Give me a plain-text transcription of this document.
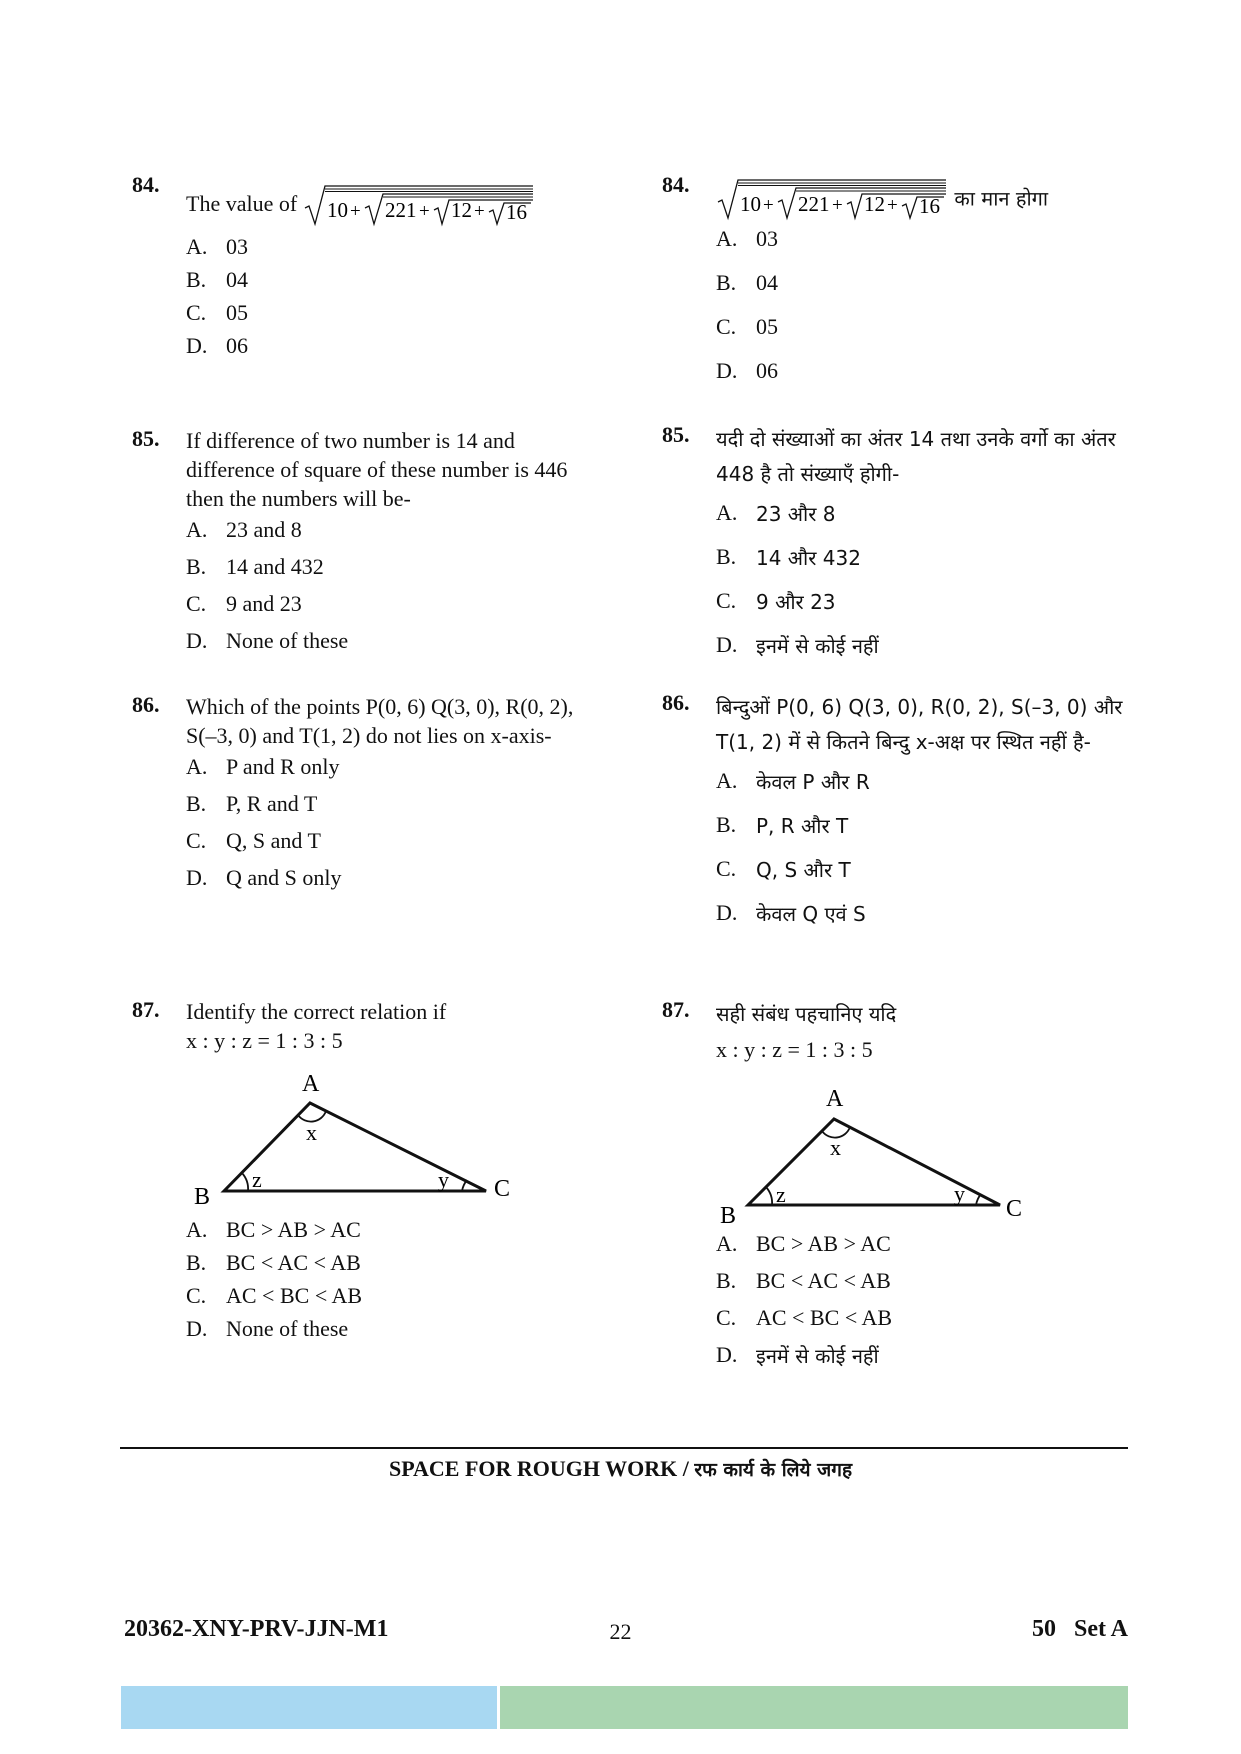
84.

The value of 10 + 221 + 12 + 16

A. 03
B. 04
C. 05
D. 06
85. If difference of two number is 14 and difference of square of these number is 446 then the numbers will be-

A. 23 and 8
B. 14 and 432
C. 9 and 23
D. None of these
86. Which of the points P(0, 6) Q(3, 0), R(0, 2), S(–3, 0) and T(1, 2) do not lies on x-axis-

A. P and R only
B. P, R and T
C. Q, S and T
D. Q and S only
87. Identify the correct relation if

x : y : z = 1 : 3 : 5

A
B	C
x
z	y
A. BC > AB > AC
B. BC < AC < AB
C. AC < BC < AB
D. None of these
84.

10 + 221 + 12 + 16 का मान होगा

A. 03
B. 04
C. 05
D. 06
85. यदी दो संख्याओं का अंतर 14 तथा उनके वर्गो का अंतर 448 है तो संख्याएँ होगी-

A. 23 और 8
B. 14 और 432
C. 9 और 23
D. इनमें से कोई नहीं
86. बिन्दुओं P(0, 6) Q(3, 0), R(0, 2), S(–3, 0) और T(1, 2) में से कितने बिन्दु x-अक्ष पर स्थित नहीं है-

A. केवल P और R
B. P, R और T
C. Q, S और T
D. केवल Q एवं S
87. सही संबंध पहचानिए यदि

x : y : z = 1 : 3 : 5

A
B	C
x
z	y
A. BC > AB > AC
B. BC < AC < AB
C. AC < BC < AB
D. इनमें से कोई नहीं
SPACE FOR ROUGH WORK / रफ कार्य के लिये जगह
20362-XNY-PRV-JJN-M1	22	50   Set A
